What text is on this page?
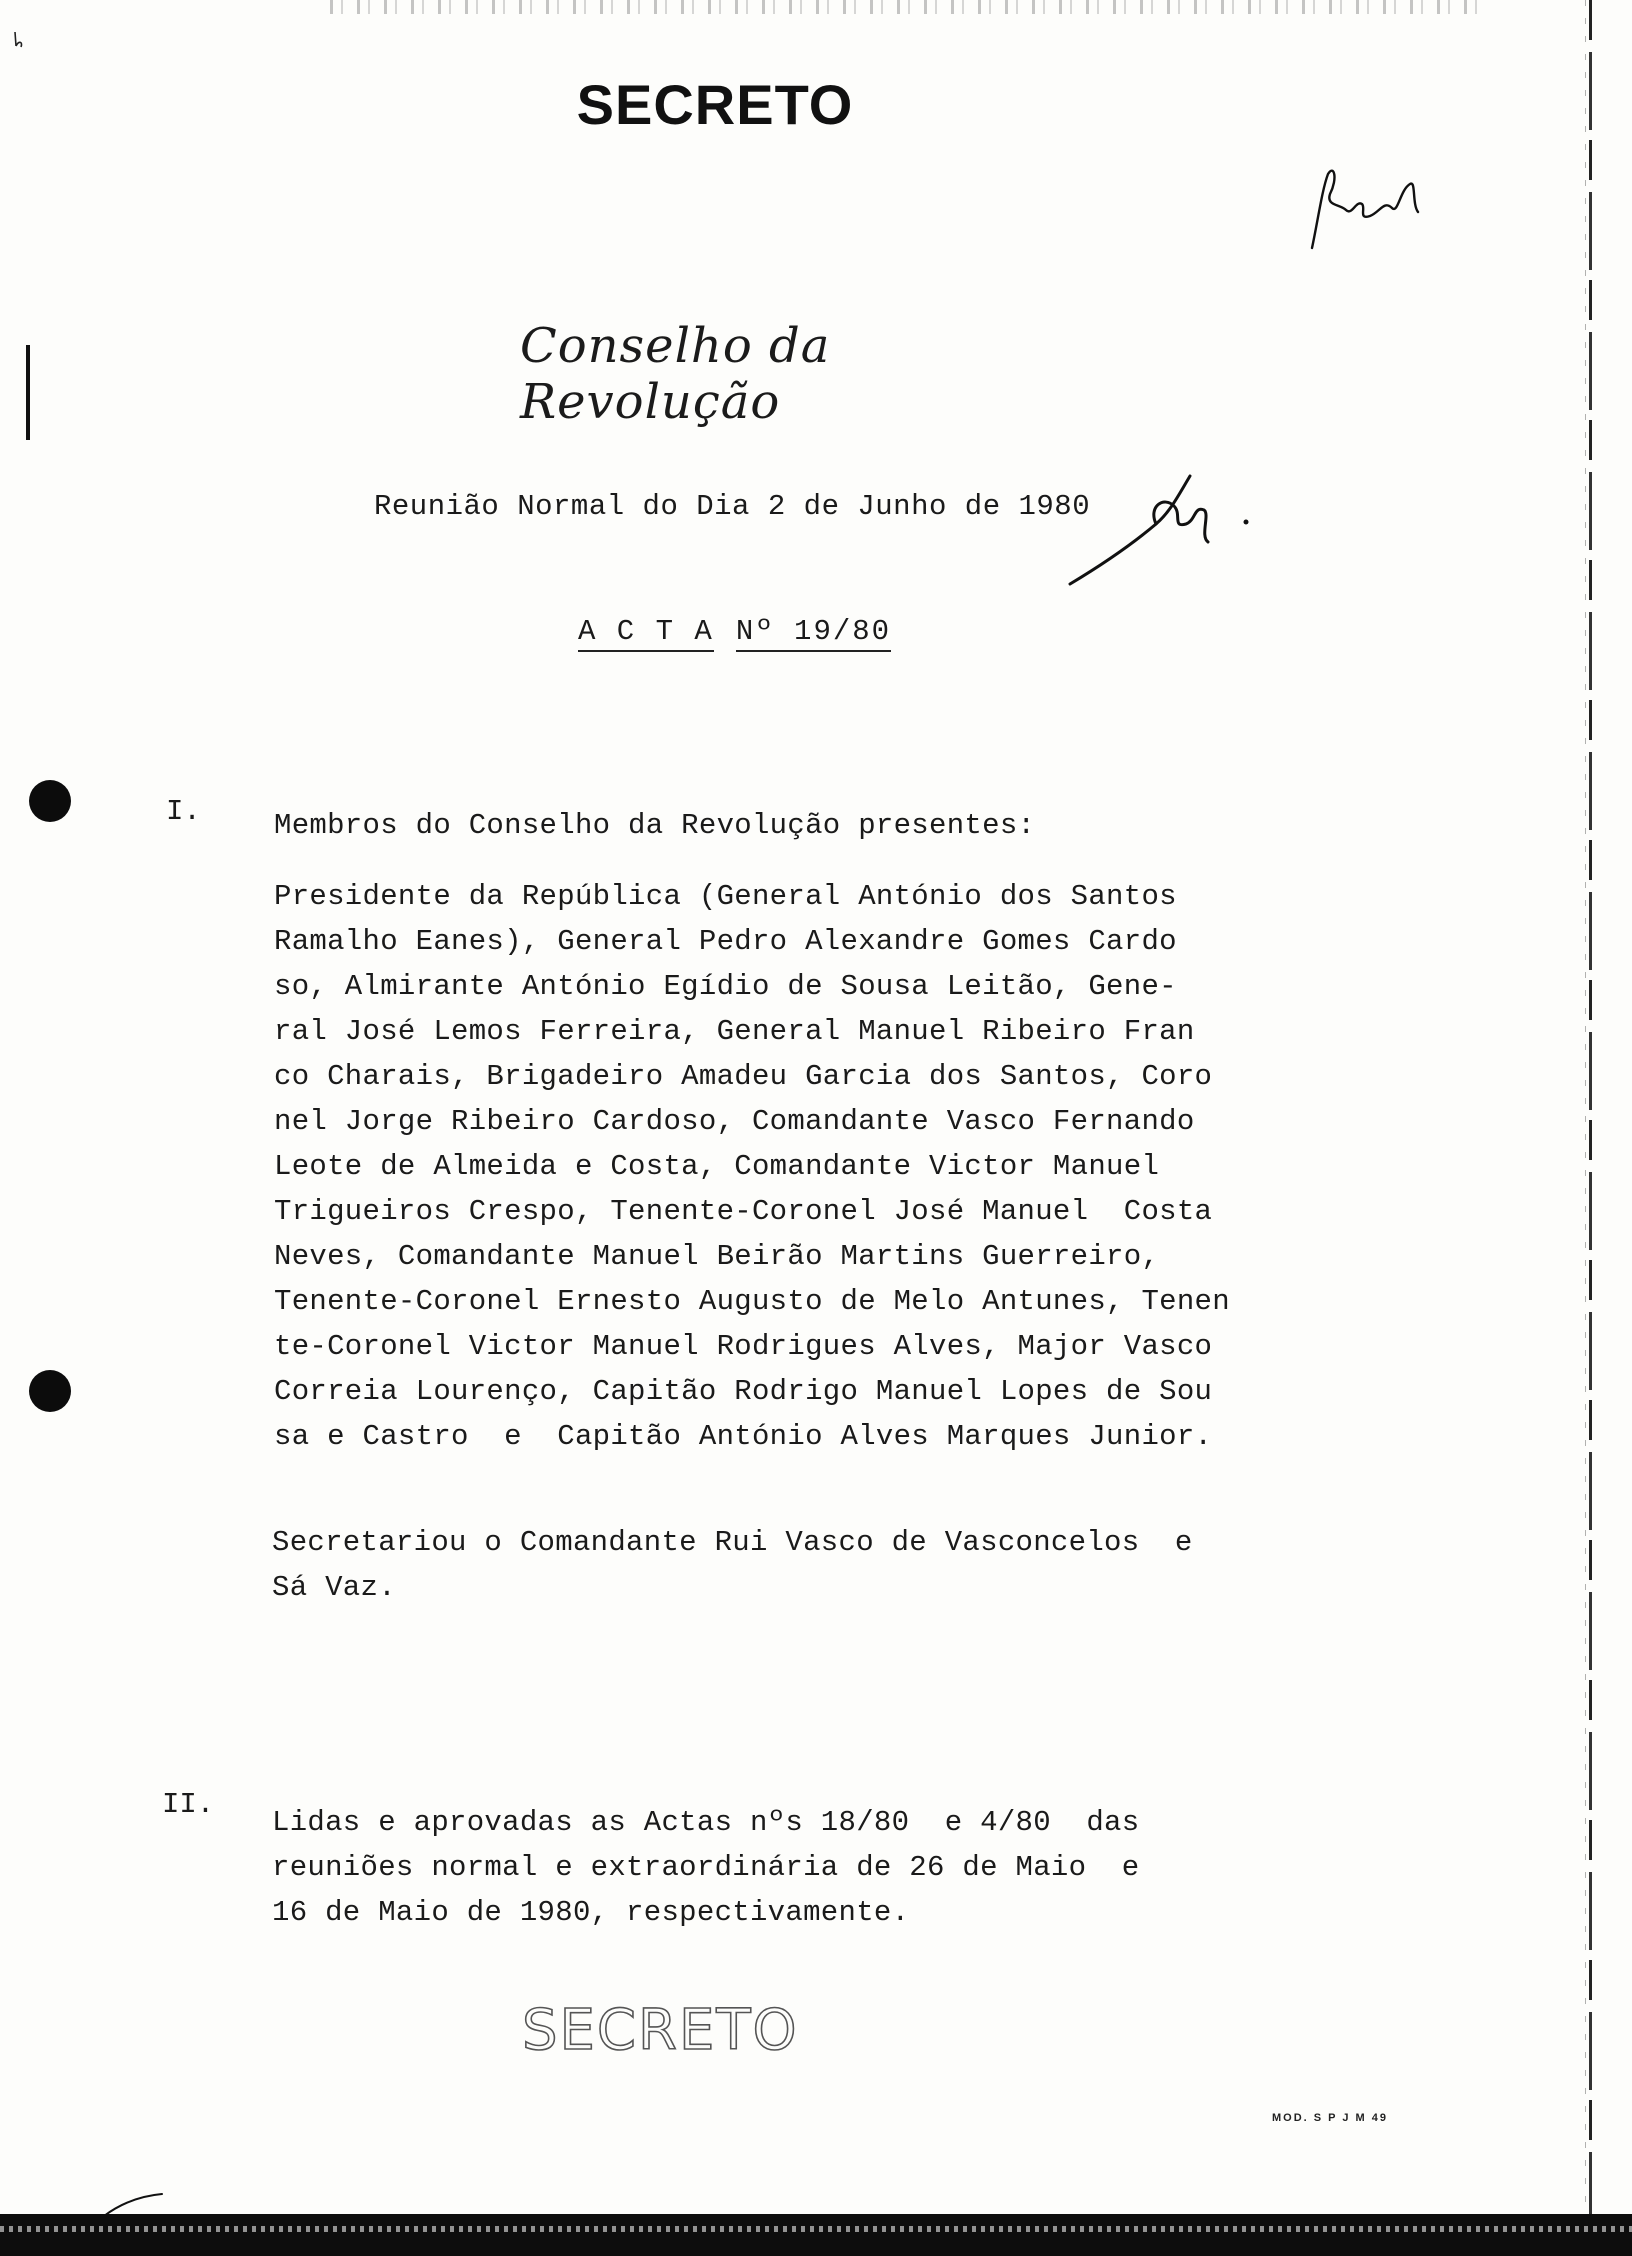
SECRETO
Conselho da Revolução
Reunião Normal do Dia 2 de Junho de 1980
A C T A Nº 19/80
I.	Membros do Conselho da Revolução presentes:
Presidente da República (General António dos Santos
Ramalho Eanes), General Pedro Alexandre Gomes Cardo
so, Almirante António Egídio de Sousa Leitão, Gene-
ral José Lemos Ferreira, General Manuel Ribeiro Fran
co Charais, Brigadeiro Amadeu Garcia dos Santos, Coro
nel Jorge Ribeiro Cardoso, Comandante Vasco Fernando
Leote de Almeida e Costa, Comandante Victor Manuel
Trigueiros Crespo, Tenente-Coronel José Manuel  Costa
Neves, Comandante Manuel Beirão Martins Guerreiro,
Tenente-Coronel Ernesto Augusto de Melo Antunes, Tenen
te-Coronel Victor Manuel Rodrigues Alves, Major Vasco
Correia Lourenço, Capitão Rodrigo Manuel Lopes de Sou
sa e Castro  e  Capitão António Alves Marques Junior.
Secretariou o Comandante Rui Vasco de Vasconcelos  e
Sá Vaz.
II.
Lidas e aprovadas as Actas nºs 18/80  e 4/80  das
reuniões normal e extraordinária de 26 de Maio  e
16 de Maio de 1980, respectivamente.
SECRETO
MOD. S P J M 49
